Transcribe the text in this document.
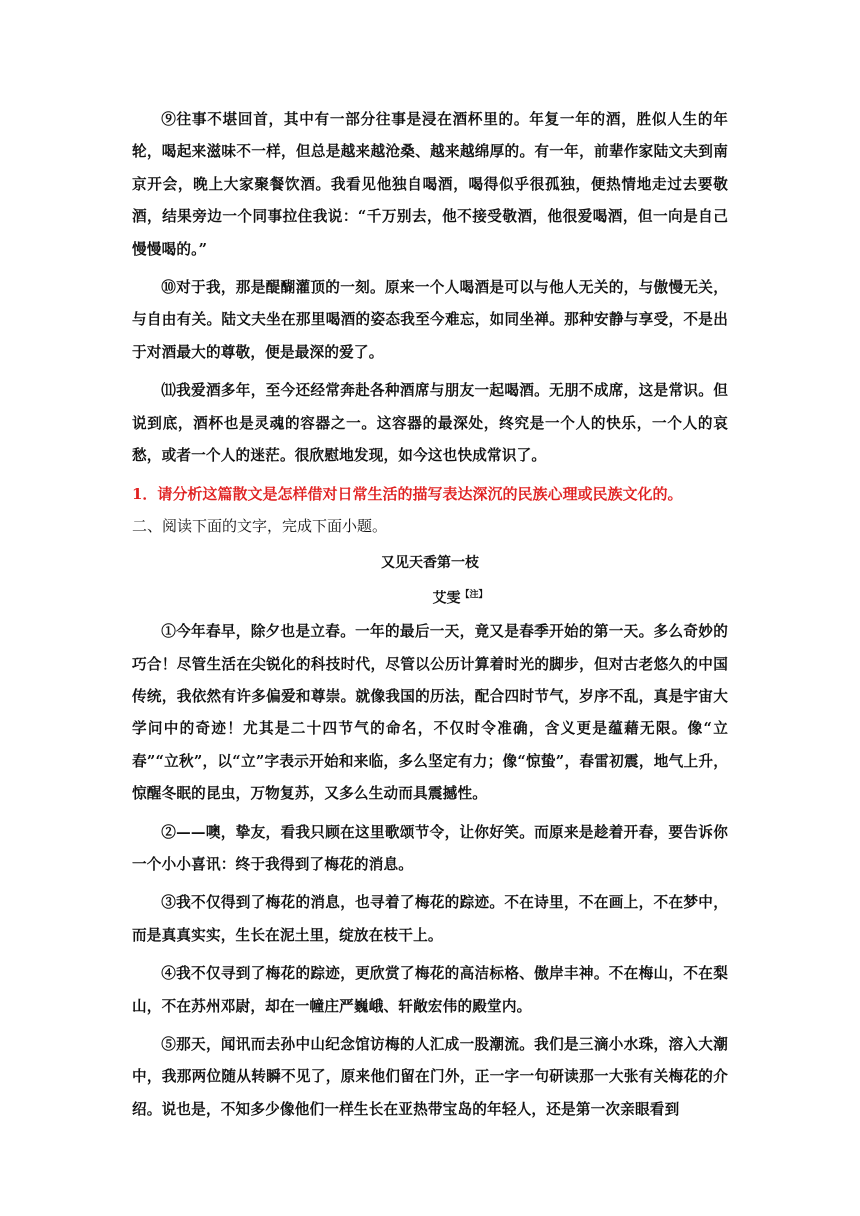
⑨往事不堪回首，其中有一部分往事是浸在酒杯里的。年复一年的酒，胜似人生的年轮，喝起来滋味不一样，但总是越来越沧桑、越来越绵厚的。有一年，前辈作家陆文夫到南京开会，晚上大家聚餐饮酒。我看见他独自喝酒，喝得似乎很孤独，便热情地走过去要敬酒，结果旁边一个同事拉住我说：“千万别去，他不接受敬酒，他很爱喝酒，但一向是自己慢慢喝的。”

⑩对于我，那是醍醐灌顶的一刻。原来一个人喝酒是可以与他人无关的，与傲慢无关，与自由有关。陆文夫坐在那里喝酒的姿态我至今难忘，如同坐禅。那种安静与享受，不是出于对酒最大的尊敬，便是最深的爱了。

⑾我爱酒多年，至今还经常奔赴各种酒席与朋友一起喝酒。无朋不成席，这是常识。但说到底，酒杯也是灵魂的容器之一。这容器的最深处，终究是一个人的快乐，一个人的哀愁，或者一个人的迷茫。很欣慰地发现，如今这也快成常识了。

1．请分析这篇散文是怎样借对日常生活的描写表达深沉的民族心理或民族文化的。

二、阅读下面的文字，完成下面小题。

又见天香第一枝

艾雯$^{【注】}$

①今年春早，除夕也是立春。一年的最后一天，竟又是春季开始的第一天。多么奇妙的巧合！尽管生活在尖锐化的科技时代，尽管以公历计算着时光的脚步，但对古老悠久的中国传统，我依然有许多偏爱和尊崇。就像我国的历法，配合四时节气，岁序不乱，真是宇宙大学问中的奇迹！尤其是二十四节气的命名，不仅时令准确，含义更是蕴藉无限。像“立春”“立秋”，以“立”字表示开始和来临，多么坚定有力；像“惊蛰”，春雷初震，地气上升，惊醒冬眠的昆虫，万物复苏，又多么生动而具震撼性。

②——噢，挚友，看我只顾在这里歌颂节令，让你好笑。而原来是趁着开春，要告诉你一个小小喜讯：终于我得到了梅花的消息。

③我不仅得到了梅花的消息，也寻着了梅花的踪迹。不在诗里，不在画上，不在梦中，而是真真实实，生长在泥土里，绽放在枝干上。

④我不仅寻到了梅花的踪迹，更欣赏了梅花的高洁标格、傲岸丰神。不在梅山，不在梨山，不在苏州邓尉，却在一幢庄严巍峨、轩敞宏伟的殿堂内。

⑤那天，闻讯而去孙中山纪念馆访梅的人汇成一股潮流。我们是三滴小水珠，溶入大潮中，我那两位随从转瞬不见了，原来他们留在门外，正一字一句研读那一大张有关梅花的介绍。说也是，不知多少像他们一样生长在亚热带宝岛的年轻人，还是第一次亲眼看到
